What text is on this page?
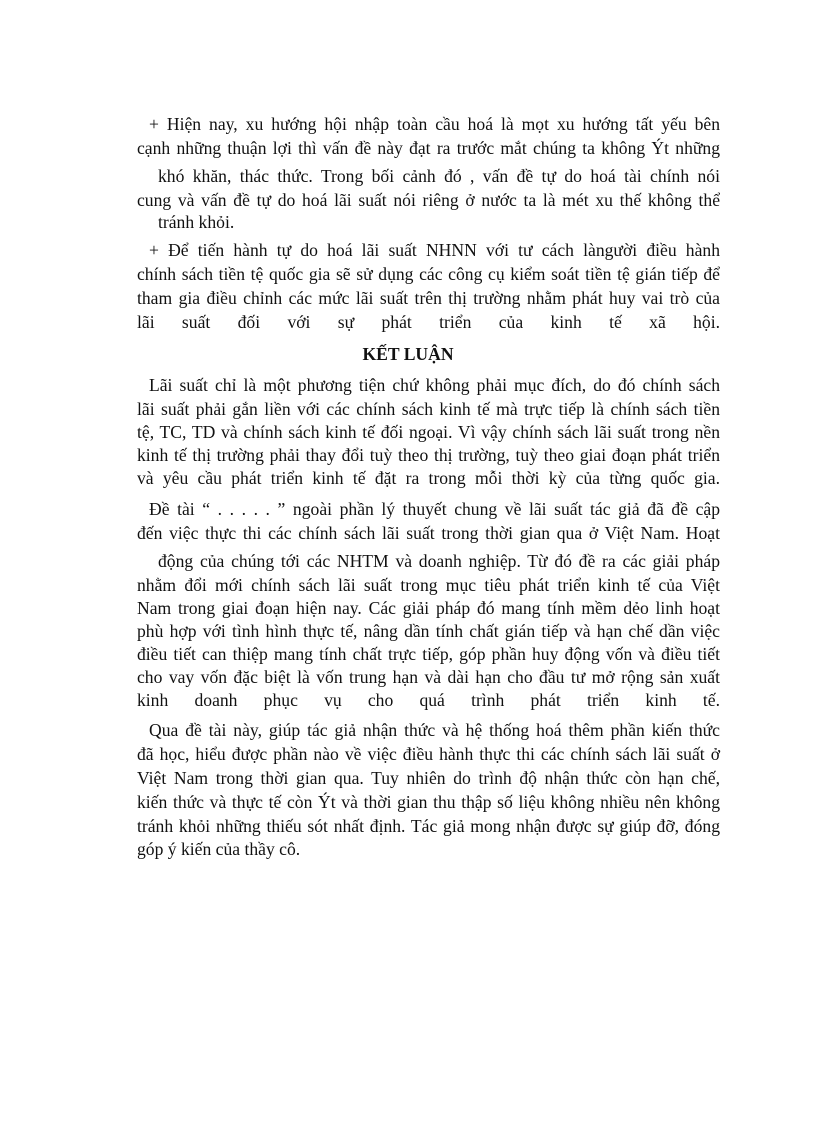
+ Hiện nay, xu hướng hội nhập toàn cầu hoá là mọt xu hướng tất yếu bên
cạnh những thuận lợi thì vấn đề này đạt ra trước mắt chúng ta không Ýt những
khó khăn, thác thức. Trong bối cảnh đó , vấn đề tự do hoá tài chính nói
cung và vấn đề tự do hoá lãi suất nói riêng ở nước ta là mét xu thế không thể
tránh khỏi.
+ Để tiến hành tự do hoá lãi suất NHNN với tư cách làngười điều hành
chính sách tiền tệ quốc gia sẽ sử dụng các công cụ kiểm soát tiền tệ gián tiếp để
tham gia điều chỉnh các mức lãi suất trên thị trường nhằm phát huy vai trò của
lãi suất đối với sự phát triển của kinh tế xã hội.
KẾT LUẬN
Lãi suất chỉ là một phương tiện chứ không phải mục đích, do đó chính sách
lãi suất phải gắn liền với các chính sách kinh tế mà trực tiếp là chính sách tiền
tệ, TC, TD và chính sách kinh tế đối ngoại. Vì vậy chính sách lãi suất trong nền
kinh tế thị trường phải thay đổi tuỳ theo thị trường, tuỳ theo giai đoạn phát triển
và yêu cầu phát triển kinh tế đặt ra trong mỗi thời kỳ của từng quốc gia.
Đề tài “ . . . . . ” ngoài phần lý thuyết chung về lãi suất tác giả đã đề cập
đến việc thực thi các chính sách lãi suất trong thời gian qua ở Việt Nam. Hoạt
động của chúng tới các NHTM và doanh nghiệp. Từ đó đề ra các giải pháp
nhằm đổi mới chính sách lãi suất trong mục tiêu phát triển kinh tế của Việt
Nam trong giai đoạn hiện nay. Các giải pháp đó mang tính mềm dẻo linh hoạt
phù hợp với tình hình thực tế, nâng dần tính chất gián tiếp và hạn chế dần việc
điều tiết can thiệp mang tính chất trực tiếp, góp phần huy động vốn và điều tiết
cho vay vốn đặc biệt là vốn trung hạn và dài hạn cho đầu tư mở rộng sản xuất
kinh doanh phục vụ cho quá trình phát triển kinh tế.
Qua đề tài này, giúp tác giả nhận thức và hệ thống hoá thêm phần kiến thức
đã học, hiểu được phần nào về việc điều hành thực thi các chính sách lãi suất ở
Việt Nam trong thời gian qua. Tuy nhiên do trình độ nhận thức còn hạn chế,
kiến thức và thực tế còn Ýt và thời gian thu thập số liệu không nhiều nên không
tránh khỏi những thiếu sót nhất định. Tác giả mong nhận được sự giúp đỡ, đóng
góp ý kiến của thầy cô.
